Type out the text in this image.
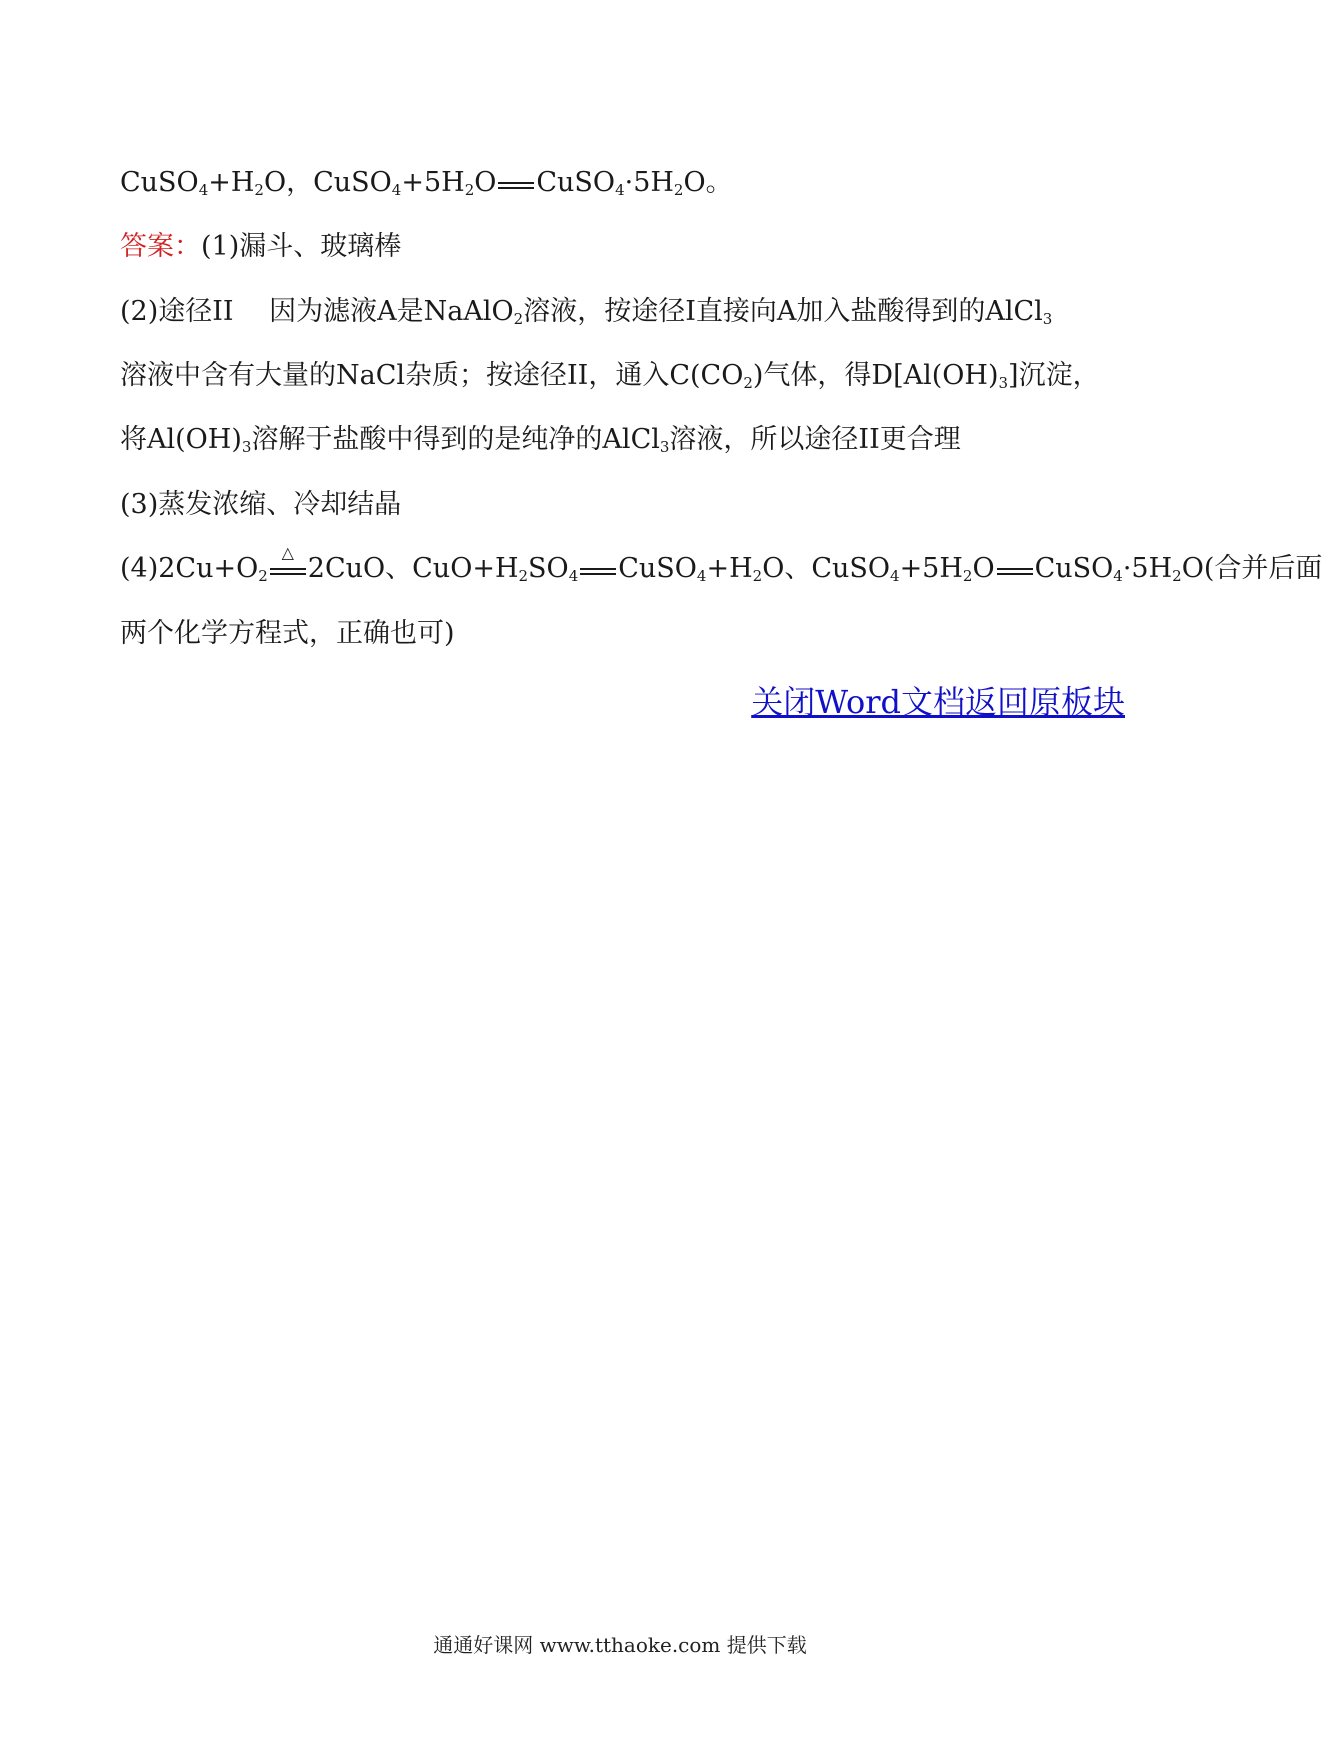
$CuSO_4+H_2O$，$CuSO_4+5H_2O$ $CuSO_4\cdot 5H_2O$。
答案：(1)漏斗、玻璃棒
(2)途径II　 因为滤液A是NaAlO$_2$溶液，按途径Ⅰ直接向A加入盐酸得到的AlCl$_3$
溶液中含有大量的NaCl杂质；按途径II，通入$C(CO_2)$气体，得$D[Al(OH)_3]$沉淀，
将$Al(OH)_3$溶解于盐酸中得到的是纯净的AlCl$_3$溶液，所以途径II更合理
(3)蒸发浓缩、冷却结晶
$(4)2Cu+O_2$
△
2CuO、$CuO+H_2SO_4$ $CuSO_4+H_2O$、$CuSO_4+5H_2O$ $CuSO_4\cdot 5H_2O$(合并后面
两个化学方程式，正确也可)
关闭Word文档返回原板块
通通好课网 www.tthaoke.com 提供下载
